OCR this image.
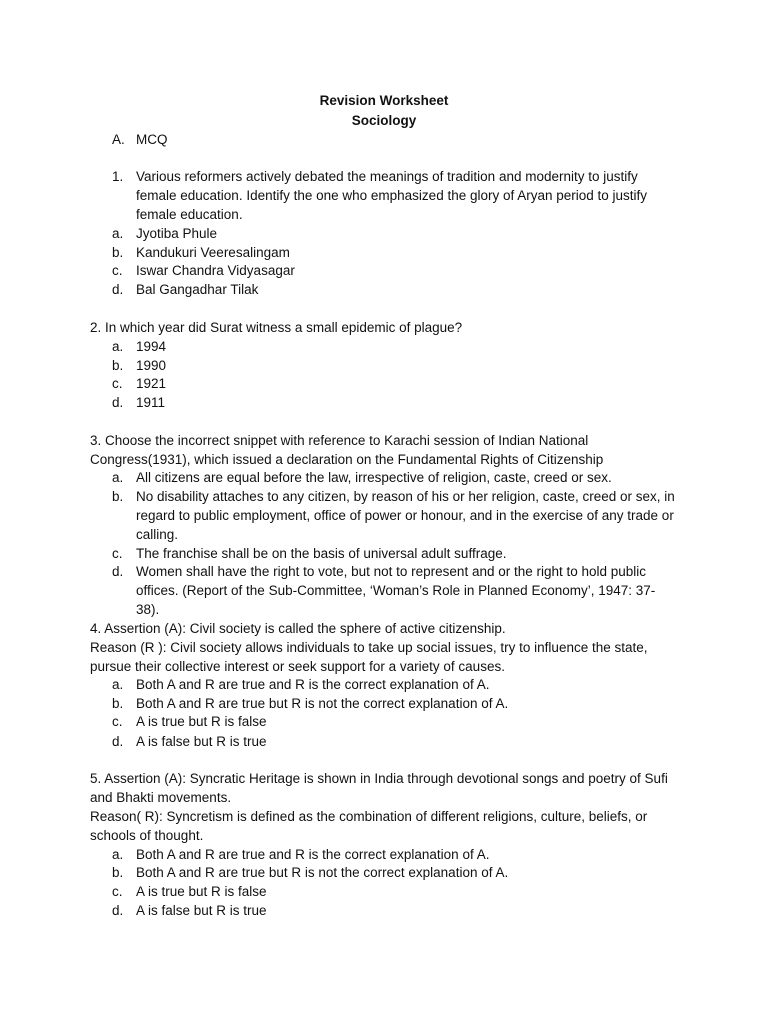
Revision Worksheet
Sociology
A. MCQ
1. Various reformers actively debated the meanings of tradition and modernity to justify female education. Identify the one who emphasized the glory of Aryan period to justify female education.
a. Jyotiba Phule
b. Kandukuri Veeresalingam
c. Iswar Chandra Vidyasagar
d. Bal Gangadhar Tilak
2. In which year did Surat witness a small epidemic of plague?
a. 1994
b. 1990
c. 1921
d. 1911
3. Choose the incorrect snippet with reference to Karachi session of Indian National Congress(1931), which issued a declaration on the Fundamental Rights of Citizenship
a. All citizens are equal before the law, irrespective of religion, caste, creed or sex.
b. No disability attaches to any citizen, by reason of his or her religion, caste, creed or sex, in regard to public employment, office of power or honour, and in the exercise of any trade or calling.
c. The franchise shall be on the basis of universal adult suffrage.
d. Women shall have the right to vote, but not to represent and or the right to hold public offices. (Report of the Sub-Committee, ‘Woman’s Role in Planned Economy’, 1947: 37-38).
4. Assertion (A): Civil society is called the sphere of active citizenship.
Reason (R ): Civil society allows individuals to take up social issues, try to influence the state, pursue their collective interest or seek support for a variety of causes.
a. Both A and R are true and R is the correct explanation of A.
b. Both A and R are true but R is not the correct explanation of A.
c. A is true but R is false
d. A is false but R is true
5. Assertion (A): Syncratic Heritage is shown in India through devotional songs and poetry of Sufi and Bhakti movements.
Reason( R): Syncretism is defined as the combination of different religions, culture, beliefs, or schools of thought.
a. Both A and R are true and R is the correct explanation of A.
b. Both A and R are true but R is not the correct explanation of A.
c. A is true but R is false
d. A is false but R is true
